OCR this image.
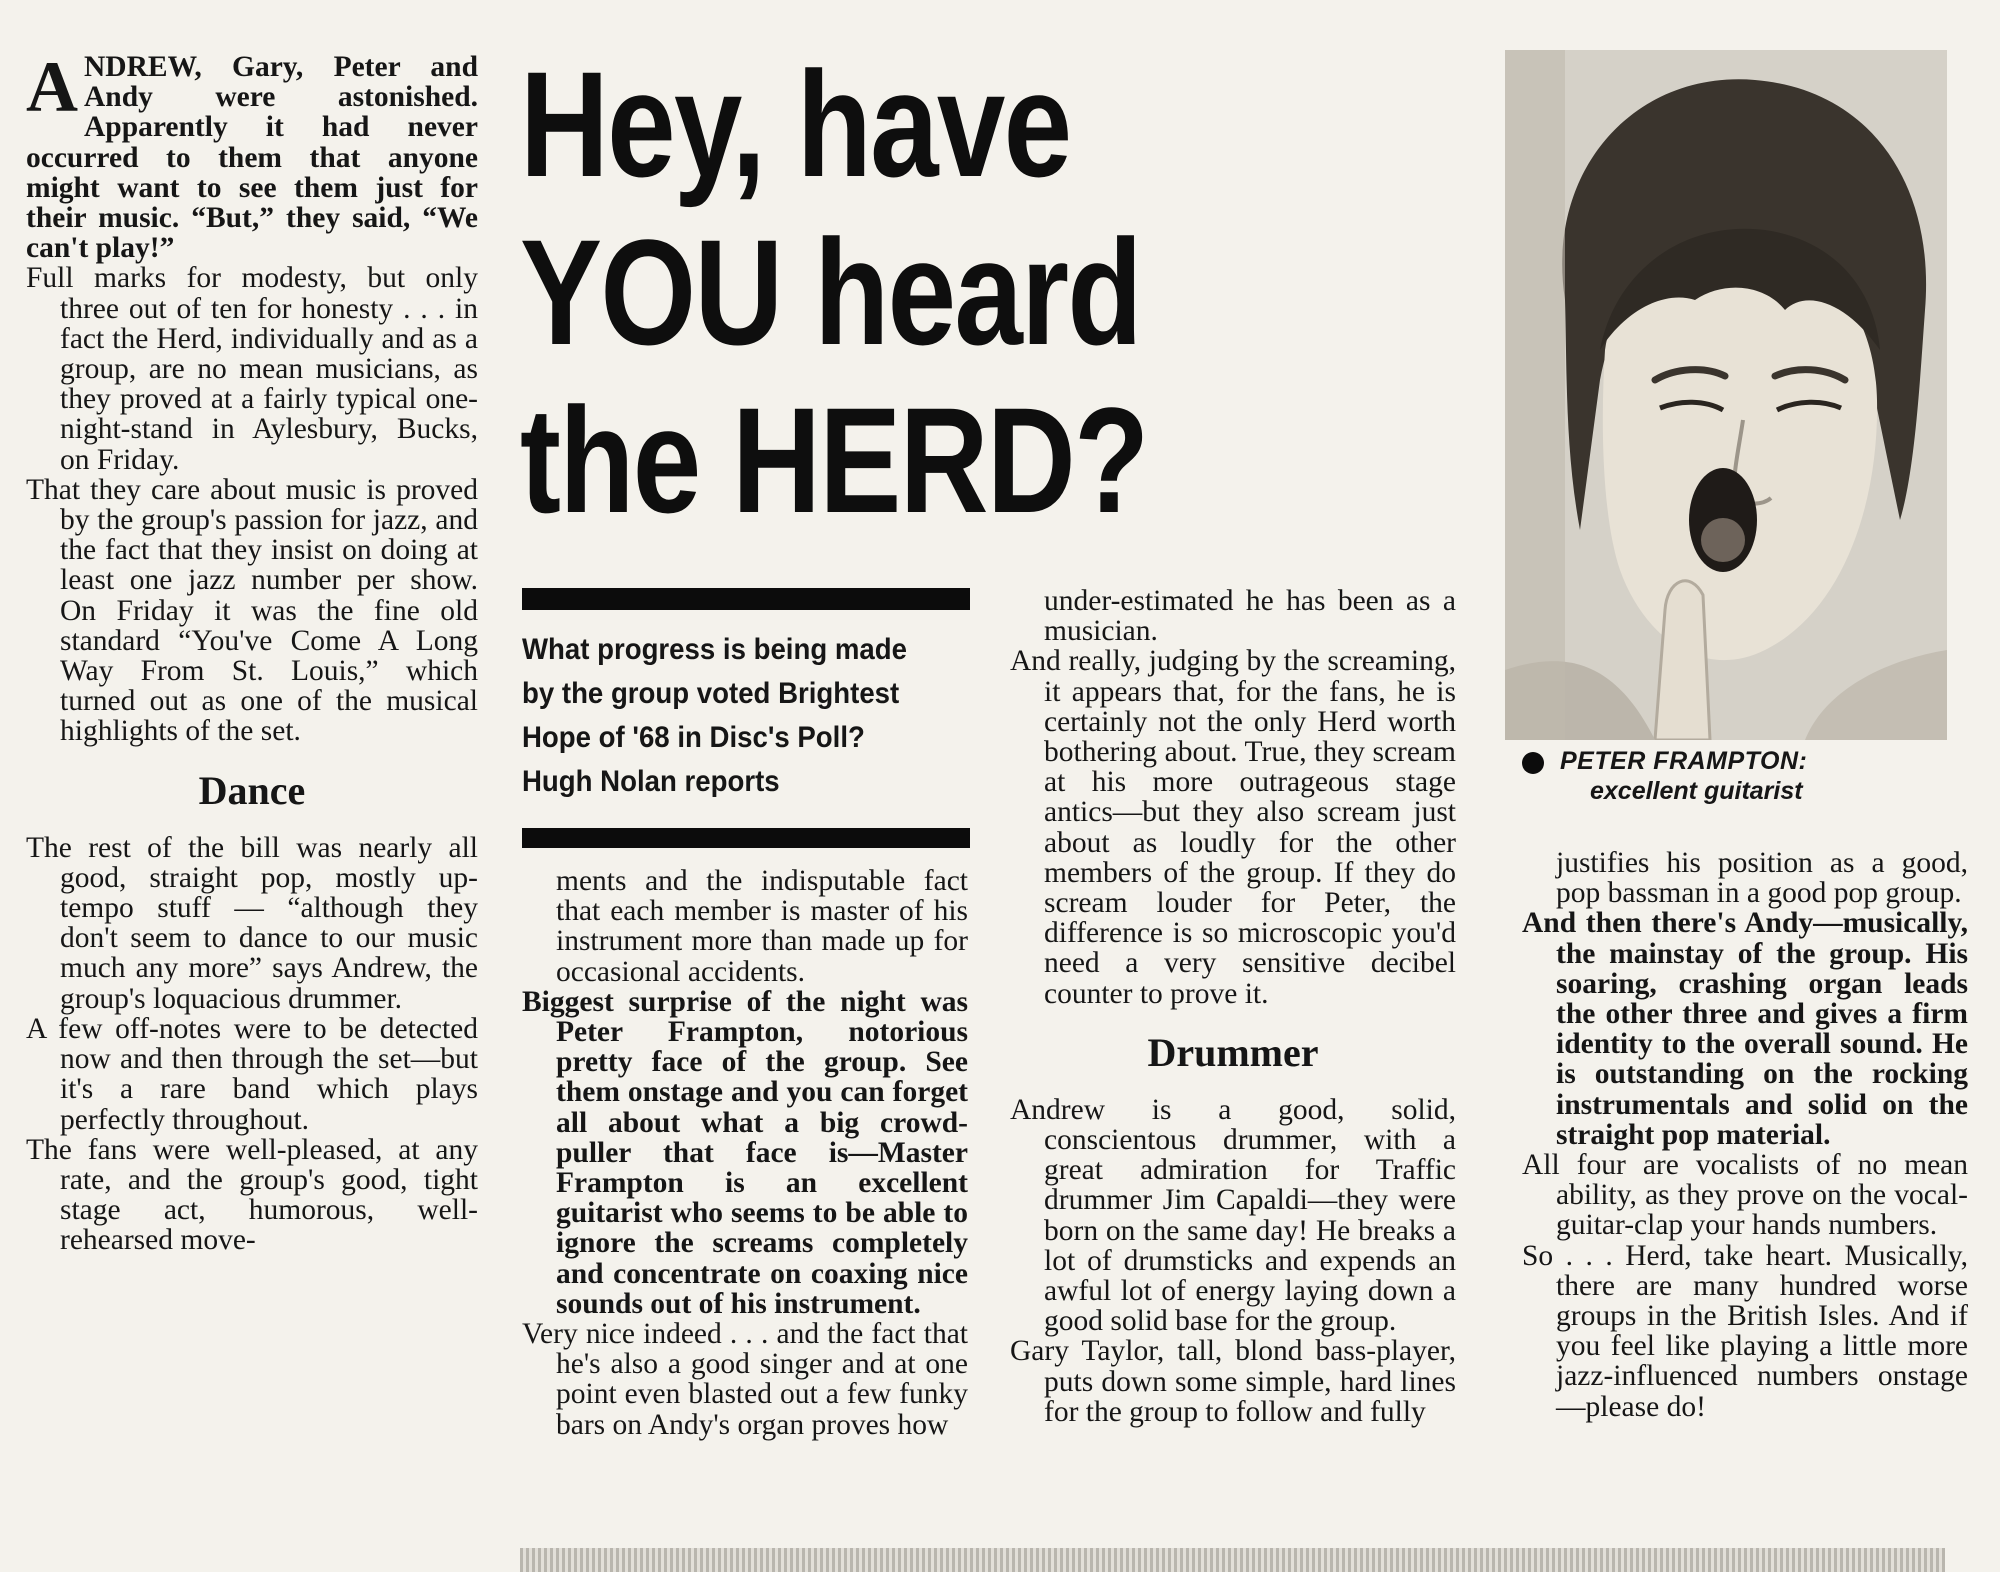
ANDREW, Gary, Peter and Andy were astonished. Apparently it had never occurred to them that anyone might want to see them just for their music. “But,” they said, “We can't play!”

Full marks for modesty, but only three out of ten for honesty . . . in fact the Herd, individually and as a group, are no mean musicians, as they proved at a fairly typical one-night-stand in Aylesbury, Bucks, on Friday.

That they care about music is proved by the group's passion for jazz, and the fact that they insist on doing at least one jazz number per show. On Friday it was the fine old standard “You've Come A Long Way From St. Louis,” which turned out as one of the musical highlights of the set.

Dance

The rest of the bill was nearly all good, straight pop, mostly up-tempo stuff — “although they don't seem to dance to our music much any more” says Andrew, the group's loquacious drummer.

A few off-notes were to be detected now and then through the set—but it's a rare band which plays perfectly throughout.

The fans were well-pleased, at any rate, and the group's good, tight stage act, humorous, well-rehearsed move-

Hey, have
YOU heard
the HERD?
What progress is being made by the group voted Brightest Hope of '68 in Disc's Poll? Hugh Nolan reports

ments and the indisputable fact that each member is master of his instrument more than made up for occasional accidents.

Biggest surprise of the night was Peter Frampton, notorious pretty face of the group. See them onstage and you can forget all about what a big crowd-puller that face is—Master Frampton is an excellent guitarist who seems to be able to ignore the screams completely and concentrate on coaxing nice sounds out of his instrument.

Very nice indeed . . . and the fact that he's also a good singer and at one point even blasted out a few funky bars on Andy's organ proves how

under-estimated he has been as a musician.

And really, judging by the screaming, it appears that, for the fans, he is certainly not the only Herd worth bothering about. True, they scream at his more outrageous stage antics—but they also scream just about as loudly for the other members of the group. If they do scream louder for Peter, the difference is so microscopic you'd need a very sensitive decibel counter to prove it.

Drummer

Andrew is a good, solid, conscientous drummer, with a great admiration for Traffic drummer Jim Capaldi—they were born on the same day! He breaks a lot of drumsticks and expends an awful lot of energy laying down a good solid base for the group.

Gary Taylor, tall, blond bass-player, puts down some simple, hard lines for the group to follow and fully

PETER FRAMPTON:
excellent guitarist

justifies his position as a good, pop bassman in a good pop group.

And then there's Andy—musically, the mainstay of the group. His soaring, crashing organ leads the other three and gives a firm identity to the overall sound. He is outstanding on the rocking instrumentals and solid on the straight pop material.

All four are vocalists of no mean ability, as they prove on the vocal-guitar-clap your hands numbers.

So . . . Herd, take heart. Musically, there are many hundred worse groups in the British Isles. And if you feel like playing a little more jazz-influenced numbers onstage—please do!
